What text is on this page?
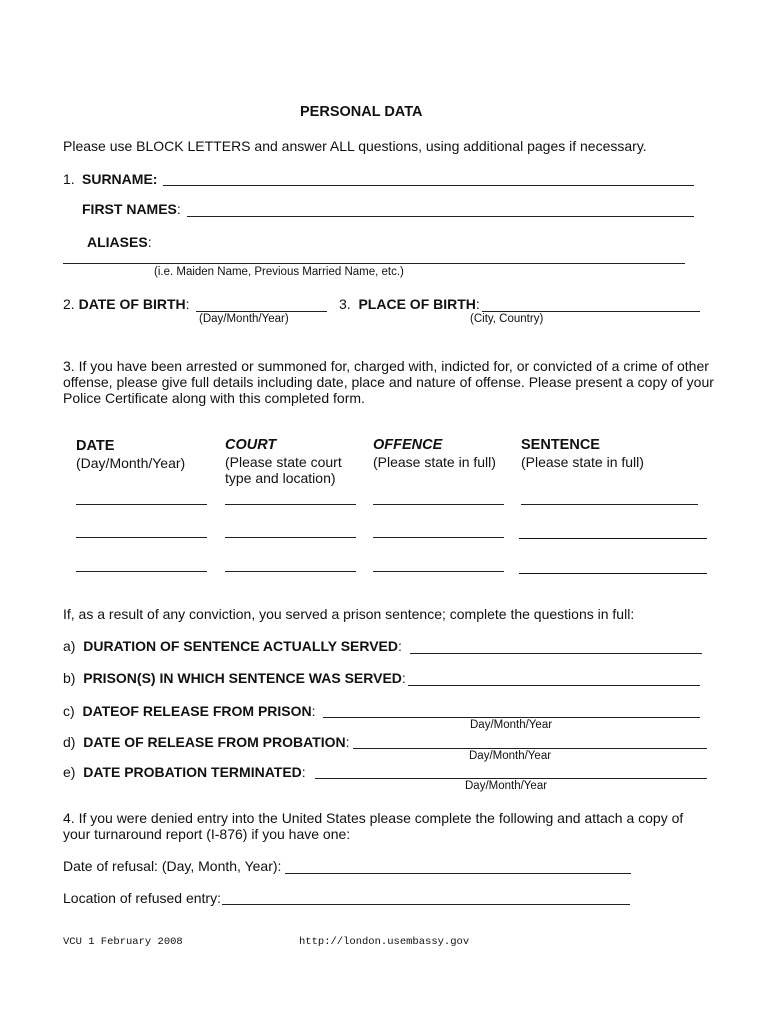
PERSONAL DATA
Please use BLOCK LETTERS and answer ALL questions, using additional pages if necessary.
1. SURNAME:
FIRST NAMES:
ALIASES:
(i.e. Maiden Name, Previous Married Name, etc.)
2. DATE OF BIRTH:
(Day/Month/Year)
3. PLACE OF BIRTH:
(City, Country)
3. If you have been arrested or summoned for, charged with, indicted for, or convicted of a crime of other
offense, please give full details including date, place and nature of offense. Please present a copy of your
Police Certificate along with this completed form.
DATE
(Day/Month/Year)
COURT
(Please state court
type and location)
OFFENCE
(Please state in full)
SENTENCE
(Please state in full)
If, as a result of any conviction, you served a prison sentence; complete the questions in full:
a) DURATION OF SENTENCE ACTUALLY SERVED:
b) PRISON(S) IN WHICH SENTENCE WAS SERVED:
c) DATEOF RELEASE FROM PRISON:
Day/Month/Year
d) DATE OF RELEASE FROM PROBATION:
Day/Month/Year
e) DATE PROBATION TERMINATED:
Day/Month/Year
4. If you were denied entry into the United States please complete the following and attach a copy of
your turnaround report (I-876) if you have one:
Date of refusal: (Day, Month, Year):
Location of refused entry:
VCU 1 February 2008	http://london.usembassy.gov
